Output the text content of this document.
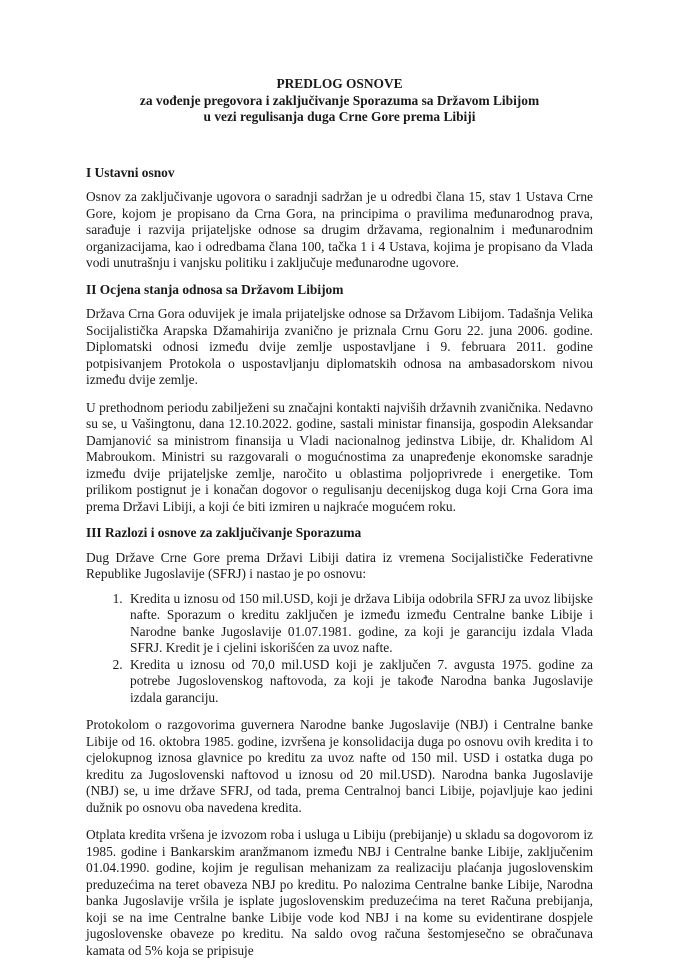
PREDLOG OSNOVE
za vođenje pregovora i zaključivanje Sporazuma sa Državom Libijom
u vezi regulisanja duga Crne Gore prema Libiji
I Ustavni osnov

Osnov za zaključivanje ugovora o saradnji sadržan je u odredbi člana 15, stav 1 Ustava Crne Gore, kojom je propisano da Crna Gora, na principima o pravilima međunarodnog prava, sarađuje i razvija prijateljske odnose sa drugim državama, regionalnim i međunarodnim organizacijama, kao i odredbama člana 100, tačka 1 i 4 Ustava, kojima je propisano da Vlada vodi unutrašnju i vanjsku politiku i zaključuje međunarodne ugovore.

II Ocjena stanja odnosa sa Državom Libijom

Država Crna Gora oduvijek je imala prijateljske odnose sa Državom Libijom. Tadašnja Velika Socijalistička Arapska Džamahirija zvanično je priznala Crnu Goru 22. juna 2006. godine. Diplomatski odnosi između dvije zemlje uspostavljane i 9. februara 2011. godine potpisivanjem Protokola o uspostavljanju diplomatskih odnosa na ambasadorskom nivou između dvije zemlje.

U prethodnom periodu zabilježeni su značajni kontakti najviših državnih zvaničnika. Nedavno su se, u Vašingtonu, dana 12.10.2022. godine, sastali ministar finansija, gospodin Aleksandar Damjanović sa ministrom finansija u Vladi nacionalnog jedinstva Libije, dr. Khalidom Al Mabroukom. Ministri su razgovarali o mogućnostima za unapređenje ekonomske saradnje između dvije prijateljske zemlje, naročito u oblastima poljoprivrede i energetike. Tom prilikom postignut je i konačan dogovor o regulisanju decenijskog duga koji Crna Gora ima prema Državi Libiji, a koji će biti izmiren u najkraće mogućem roku.

III Razlozi i osnove za zaključivanje Sporazuma

Dug Države Crne Gore prema Državi Libiji datira iz vremena Socijalističke Federativne Republike Jugoslavije (SFRJ) i nastao je po osnovu:

1. Kredita u iznosu od 150 mil.USD, koji je država Libija odobrila SFRJ za uvoz libijske nafte. Sporazum o kreditu zaključen je između između Centralne banke Libije i Narodne banke Jugoslavije 01.07.1981. godine, za koji je garanciju izdala Vlada SFRJ. Kredit je i cjelini iskorišćen za uvoz nafte.
2. Kredita u iznosu od 70,0 mil.USD koji je zaključen 7. avgusta 1975. godine za potrebe Jugoslovenskog naftovoda, za koji je takođe Narodna banka Jugoslavije izdala garanciju.

Protokolom o razgovorima guvernera Narodne banke Jugoslavije (NBJ) i Centralne banke Libije od 16. oktobra 1985. godine, izvršena je konsolidacija duga po osnovu ovih kredita i to cjelokupnog iznosa glavnice po kreditu za uvoz nafte od 150 mil. USD i ostatka duga po kreditu za Jugoslovenski naftovod u iznosu od 20 mil.USD). Narodna banka Jugoslavije (NBJ) se, u ime države SFRJ, od tada, prema Centralnoj banci Libije, pojavljuje kao jedini dužnik po osnovu oba navedena kredita.

Otplata kredita vršena je izvozom roba i usluga u Libiju (prebijanje) u skladu sa dogovorom iz 1985. godine i Bankarskim aranžmanom između NBJ i Centralne banke Libije, zaključenim 01.04.1990. godine, kojim je regulisan mehanizam za realizaciju plaćanja jugoslovenskim preduzećima na teret obaveza NBJ po kreditu. Po nalozima Centralne banke Libije, Narodna banka Jugoslavije vršila je isplate jugoslovenskim preduzećima na teret Računa prebijanja, koji se na ime Centralne banke Libije vode kod NBJ i na kome su evidentirane dospjele jugoslovenske obaveze po kreditu. Na saldo ovog računa šestomjesečno se obračunava kamata od 5% koja se pripisuje
